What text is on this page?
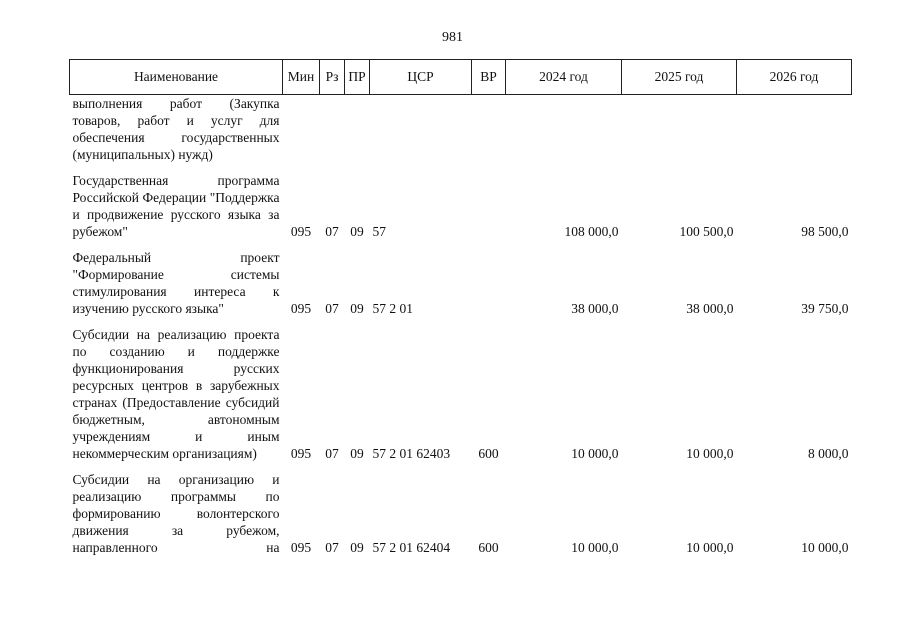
981
Наименование	Мин	Рз	ПР	ЦСР	ВР	2024 год	2025 год	2026 год
выполнения работ (Закупка товаров, работ и услуг для обеспечения государственных (муниципальных) нужд)								
Государственная программа Российской Федерации "Поддержка и продвижение русского языка за рубежом"	095	07	09	57		108 000,0	100 500,0	98 500,0
Федеральный проект "Формирование системы стимулирования интереса к изучению русского языка"	095	07	09	57 2 01		38 000,0	38 000,0	39 750,0
Субсидии на реализацию проекта по созданию и поддержке функционирования русских ресурсных центров в зарубежных странах (Предоставление субсидий бюджетным, автономным учреждениям и иным некоммерческим организациям)	095	07	09	57 2 01 62403	600	10 000,0	10 000,0	8 000,0
Субсидии на организацию и реализацию программы по формированию волонтерского движения за рубежом, направленного на	095	07	09	57 2 01 62404	600	10 000,0	10 000,0	10 000,0
